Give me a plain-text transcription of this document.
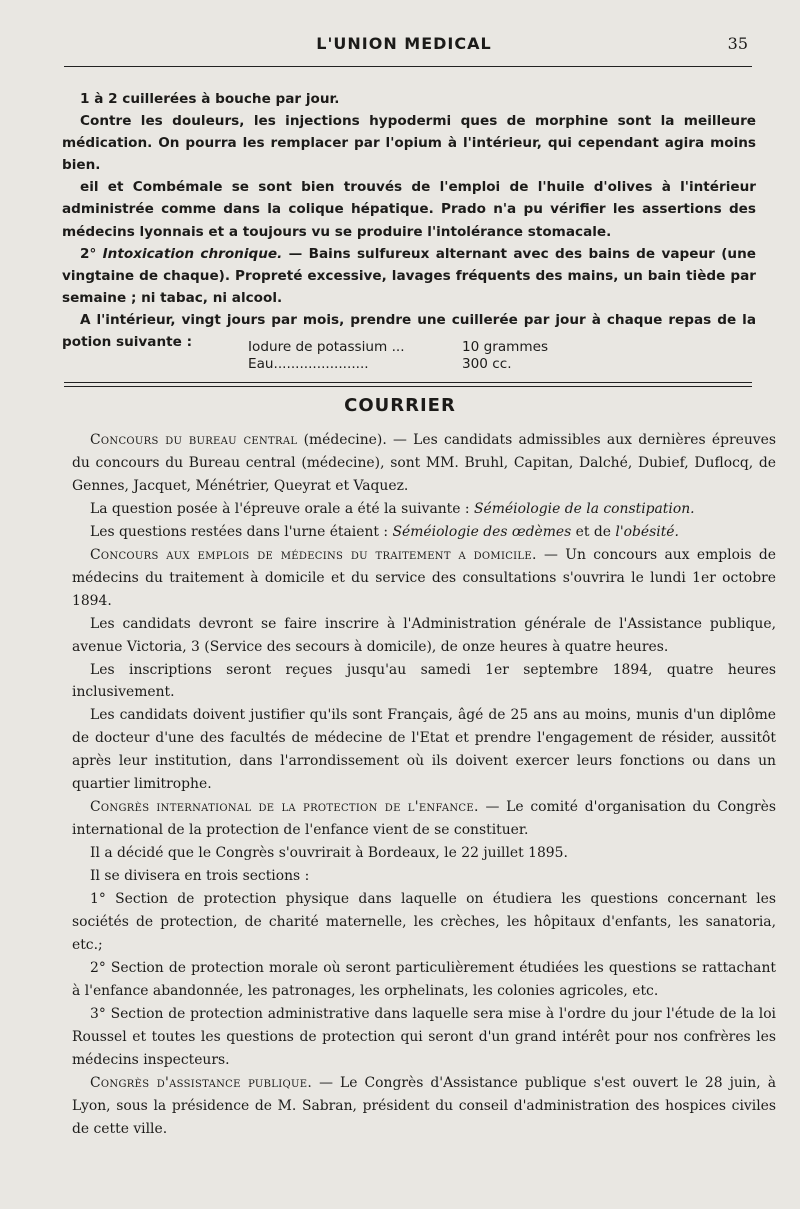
L'UNION MEDICAL	35

1 à 2 cuillerées à bouche par jour.

Contre les douleurs, les injections hypodermi ques de morphine sont la meilleure médication. On pourra les remplacer par l'opium à l'intérieur, qui cependant agira moins bien.

eil et Combémale se sont bien trouvés de l'emploi de l'huile d'olives à l'intérieur administrée comme dans la colique hépatique. Prado n'a pu vérifier les assertions des médecins lyonnais et a toujours vu se produire l'intolérance stomacale.

2° Intoxication chronique. — Bains sulfureux alternant avec des bains de vapeur (une vingtaine de chaque). Propreté excessive, lavages fréquents des mains, un bain tiède par semaine ; ni tabac, ni alcool.

A l'intérieur, vingt jours par mois, prendre une cuillerée par jour à chaque repas de la potion suivante :	Iodure de potassium ...	10 grammes
Eau......................	300 cc.
COURRIER

Concours du bureau central (médecine). — Les candidats admissibles aux dernières épreuves du concours du Bureau central (médecine), sont MM. Bruhl, Capitan, Dalché, Dubief, Duflocq, de Gennes, Jacquet, Ménétrier, Queyrat et Vaquez.

La question posée à l'épreuve orale a été la suivante : Séméiologie de la constipation.

Les questions restées dans l'urne étaient : Séméiologie des œdèmes et de l'obésité.

Concours aux emplois de médecins du traitement a domicile. — Un concours aux emplois de médecins du traitement à domicile et du service des consultations s'ouvrira le lundi 1er octobre 1894.

Les candidats devront se faire inscrire à l'Administration générale de l'Assistance publique, avenue Victoria, 3 (Service des secours à domicile), de onze heures à quatre heures.

Les inscriptions seront reçues jusqu'au samedi 1er septembre 1894, quatre heures inclusivement.

Les candidats doivent justifier qu'ils sont Français, âgé de 25 ans au moins, munis d'un diplôme de docteur d'une des facultés de médecine de l'Etat et prendre l'engagement de résider, aussitôt après leur institution, dans l'arrondissement où ils doivent exercer leurs fonctions ou dans un quartier limitrophe.

Congrès international de la protection de l'enfance. — Le comité d'organisation du Congrès international de la protection de l'enfance vient de se constituer.

Il a décidé que le Congrès s'ouvrirait à Bordeaux, le 22 juillet 1895.

Il se divisera en trois sections :

1° Section de protection physique dans laquelle on étudiera les questions concernant les sociétés de protection, de charité maternelle, les crèches, les hôpitaux d'enfants, les sanatoria, etc.;

2° Section de protection morale où seront particulièrement étudiées les questions se rattachant à l'enfance abandonnée, les patronages, les orphelinats, les colonies agricoles, etc.

3° Section de protection administrative dans laquelle sera mise à l'ordre du jour l'étude de la loi Roussel et toutes les questions de protection qui seront d'un grand intérêt pour nos confrères les médecins inspecteurs.

Congrès d'assistance publique. — Le Congrès d'Assistance publique s'est ouvert le 28 juin, à Lyon, sous la présidence de M. Sabran, président du conseil d'administration des hospices civiles de cette ville.
